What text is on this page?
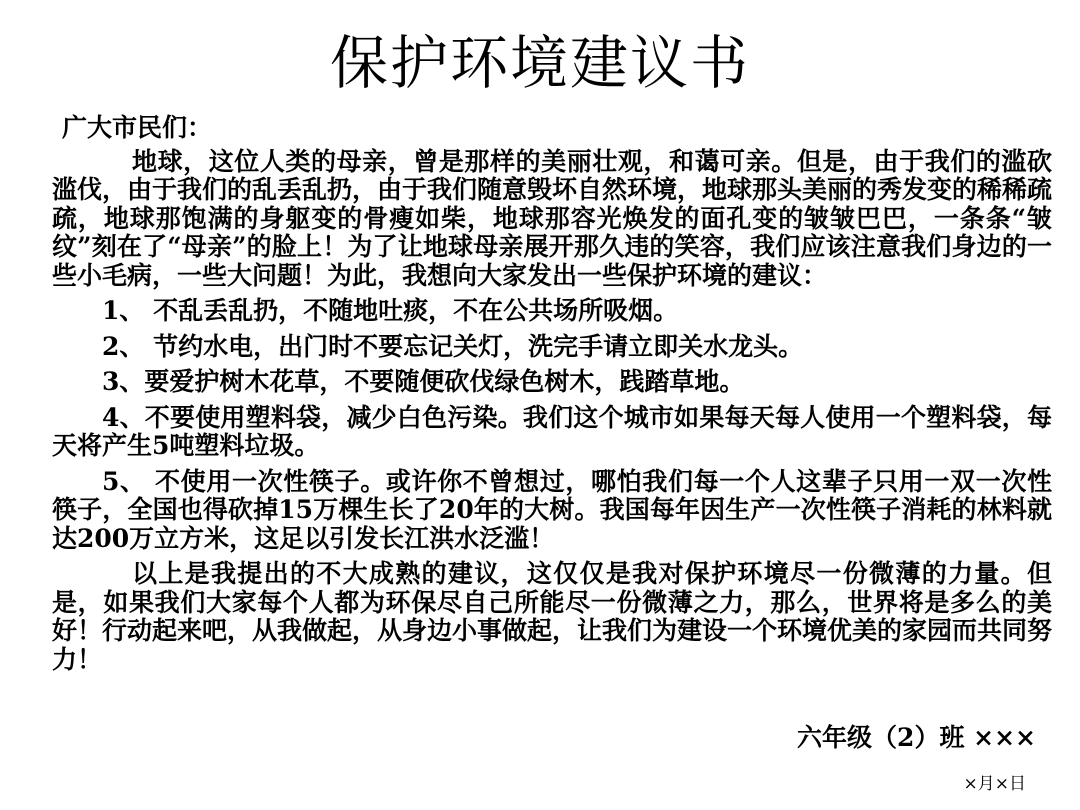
保护环境建议书

广大市民们：

地球，这位人类的母亲，曾是那样的美丽壮观，和蔼可亲。但是，由于我们的滥砍滥伐，由于我们的乱丢乱扔，由于我们随意毁坏自然环境，地球那头美丽的秀发变的稀稀疏疏，地球那饱满的身躯变的骨瘦如柴，地球那容光焕发的面孔变的皱皱巴巴，一条条“皱纹”刻在了“母亲”的脸上！为了让地球母亲展开那久违的笑容，我们应该注意我们身边的一些小毛病，一些大问题！为此，我想向大家发出一些保护环境的建议：

1、 不乱丢乱扔，不随地吐痰，不在公共场所吸烟。

2、 节约水电，出门时不要忘记关灯，洗完手请立即关水龙头。

3、要爱护树木花草，不要随便砍伐绿色树木，践踏草地。

4、不要使用塑料袋，减少白色污染。我们这个城市如果每天每人使用一个塑料袋，每天将产生5吨塑料垃圾。

5、 不使用一次性筷子。或许你不曾想过，哪怕我们每一个人这辈子只用一双一次性筷子，全国也得砍掉15万棵生长了20年的大树。我国每年因生产一次性筷子消耗的林料就达200万立方米，这足以引发长江洪水泛滥！

以上是我提出的不大成熟的建议，这仅仅是我对保护环境尽一份微薄的力量。但是，如果我们大家每个人都为环保尽自己所能尽一份微薄之力，那么，世界将是多么的美好！行动起来吧，从我做起，从身边小事做起，让我们为建设一个环境优美的家园而共同努力！

六年级（2）班 ×××
×月×日
